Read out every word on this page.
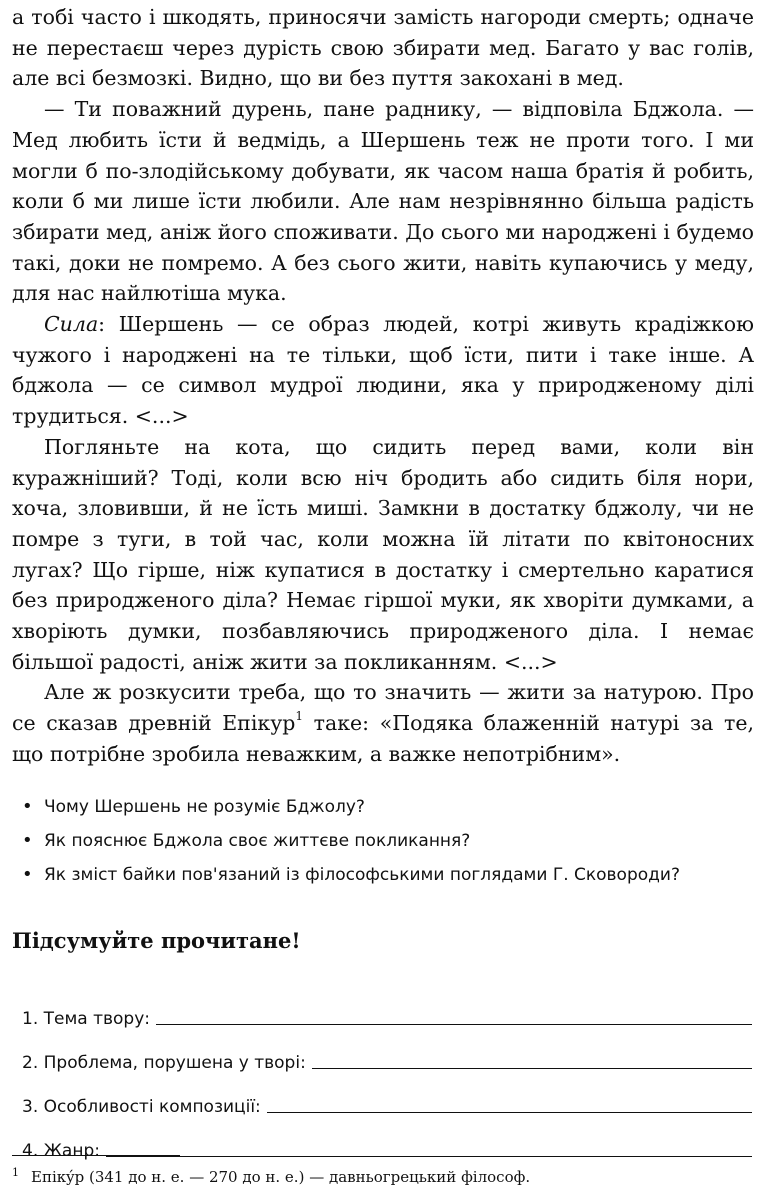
а тобі часто і шкодять, приносячи замість нагороди смерть; одначе не перестаєш через дурість свою збирати мед. Багато у вас голів, але всі безмозкі. Видно, що ви без пуття закохані в мед.

— Ти поважний дурень, пане раднику, — відповіла Бджола. — Мед любить їсти й ведмідь, а Шершень теж не проти того. І ми могли б по-злодійському добувати, як часом наша братія й робить, коли б ми лише їсти любили. Але нам незрівнянно більша радість збирати мед, аніж його споживати. До сього ми народжені і будемо такі, доки не помремо. А без сього жити, навіть купаючись у меду, для нас найлютіша мука.

Сила: Шершень — се образ людей, котрі живуть крадіжкою чужого і народжені на те тільки, щоб їсти, пити і таке інше. А бджола — се символ мудрої людини, яка у природженому ділі трудиться. <...>

Погляньте на кота, що сидить перед вами, коли він куражніший? Тоді, коли всю ніч бродить або сидить біля нори, хоча, зловивши, й не їсть миші. Замкни в достатку бджолу, чи не помре з туги, в той час, коли можна їй літати по квітоносних лугах? Що гірше, ніж купатися в достатку і смертельно каратися без природженого діла? Немає гіршої муки, як хворіти думками, а хворіють думки, позбавляючись природженого діла. І немає більшої радості, аніж жити за покликанням. <...>

Але ж розкусити треба, що то значить — жити за натурою. Про се сказав древній Епікур$^1$ таке: «Подяка блаженній натурі за те, що потрібне зробила неважким, а важке непотрібним».

• Чому Шершень не розуміє Бджолу?
• Як пояснює Бджола своє життєве покликання?
• Як зміст байки пов'язаний із філософськими поглядами Г. Сковороди?
Підсумуйте прочитане!
1. Тема твору:
2. Проблема, порушена у творі:
3. Особливості композиції:
4. Жанр:
$^1$ Епікýр (341 до н. е. — 270 до н. е.) — давньогрецький філософ.
